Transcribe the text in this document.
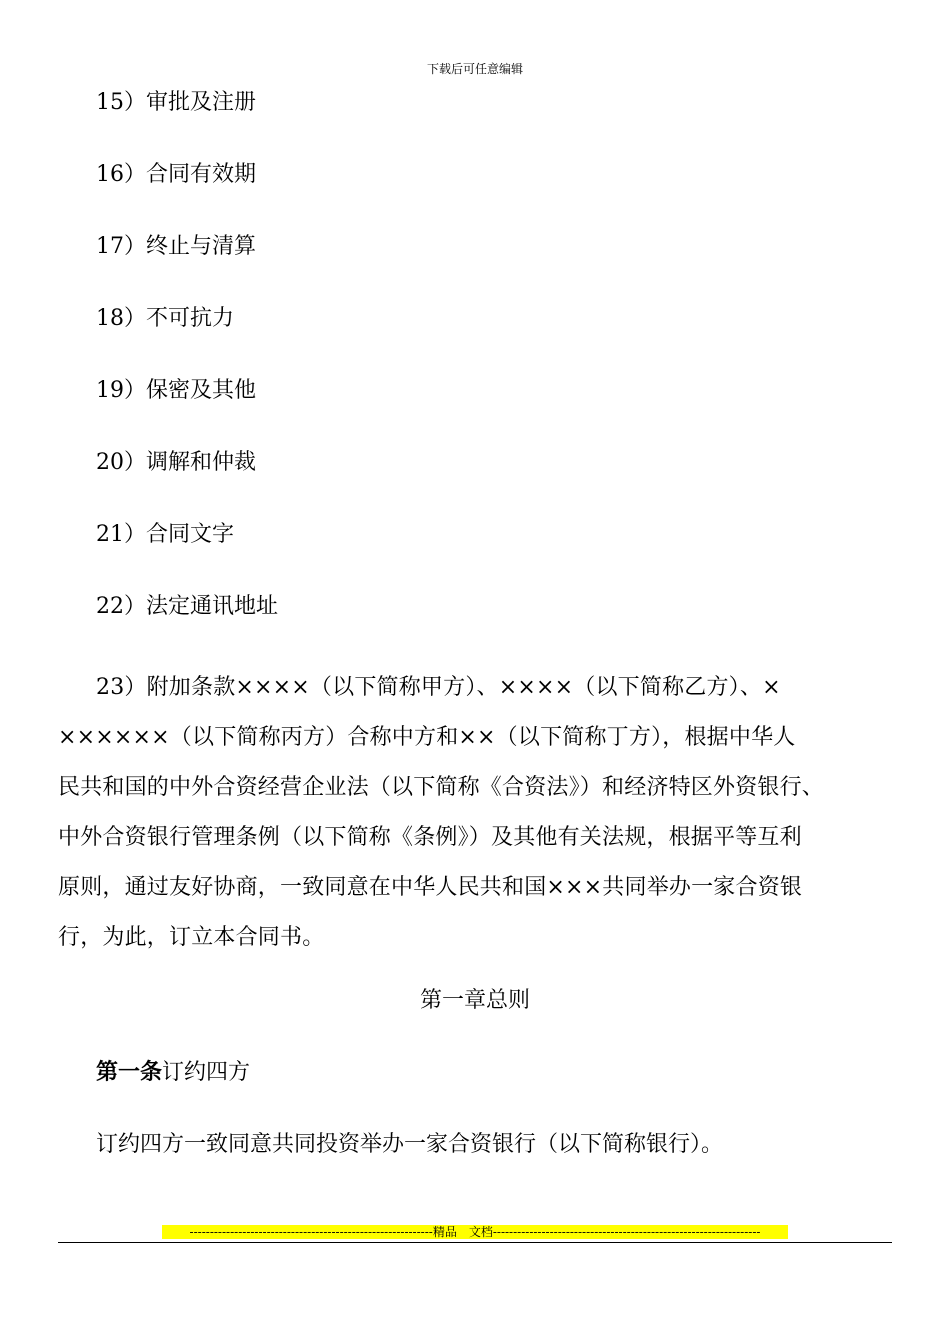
下载后可任意编辑
15）审批及注册
16）合同有效期
17）终止与清算
18）不可抗力
19）保密及其他
20）调解和仲裁
21）合同文字
22）法定通讯地址
23）附加条款××××（以下简称甲方）、××××（以下简称乙方）、×
××××××（以下简称丙方）合称中方和××（以下简称丁方），根据中华人
民共和国的中外合资经营企业法（以下简称《合资法》）和经济特区外资银行、
中外合资银行管理条例（以下简称《条例》）及其他有关法规，根据平等互利
原则，通过友好协商，一致同意在中华人民共和国×××共同举办一家合资银
行，为此，订立本合同书。
第一章总则
第一条订约四方
订约四方一致同意共同投资举办一家合资银行（以下简称银行）。
------------------------------------------------------------精品　文档------------------------------------------------------------------
